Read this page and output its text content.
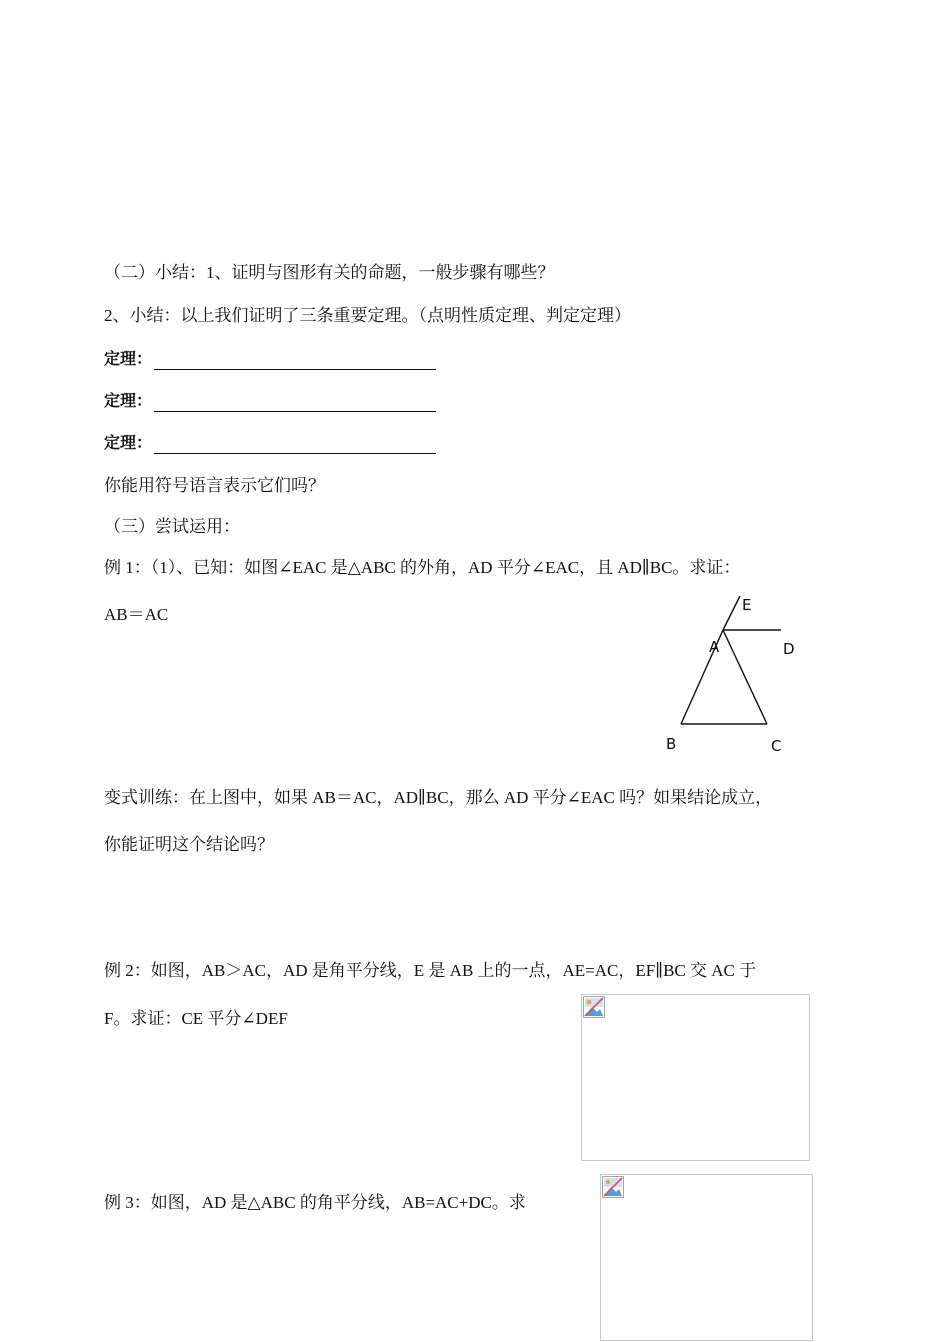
（二）小结：1、证明与图形有关的命题，一般步骤有哪些？
2、小结：以上我们证明了三条重要定理。（点明性质定理、判定定理）
定理：
定理：
定理：
你能用符号语言表示它们吗？
（三）尝试运用：
例 1：（1）、已知：如图∠EAC 是△ABC 的外角，AD 平分∠EAC，且 AD∥BC。求证：
AB＝AC	E
A	D
B	C
变式训练：在上图中，如果 AB＝AC，AD∥BC，那么 AD 平分∠EAC 吗？如果结论成立，
你能证明这个结论吗？
例 2：如图，AB＞AC，AD 是角平分线，E 是 AB 上的一点，AE=AC，EF∥BC 交 AC 于
F。求证：CE 平分∠DEF
例 3：如图，AD 是△ABC 的角平分线，AB=AC+DC。求
